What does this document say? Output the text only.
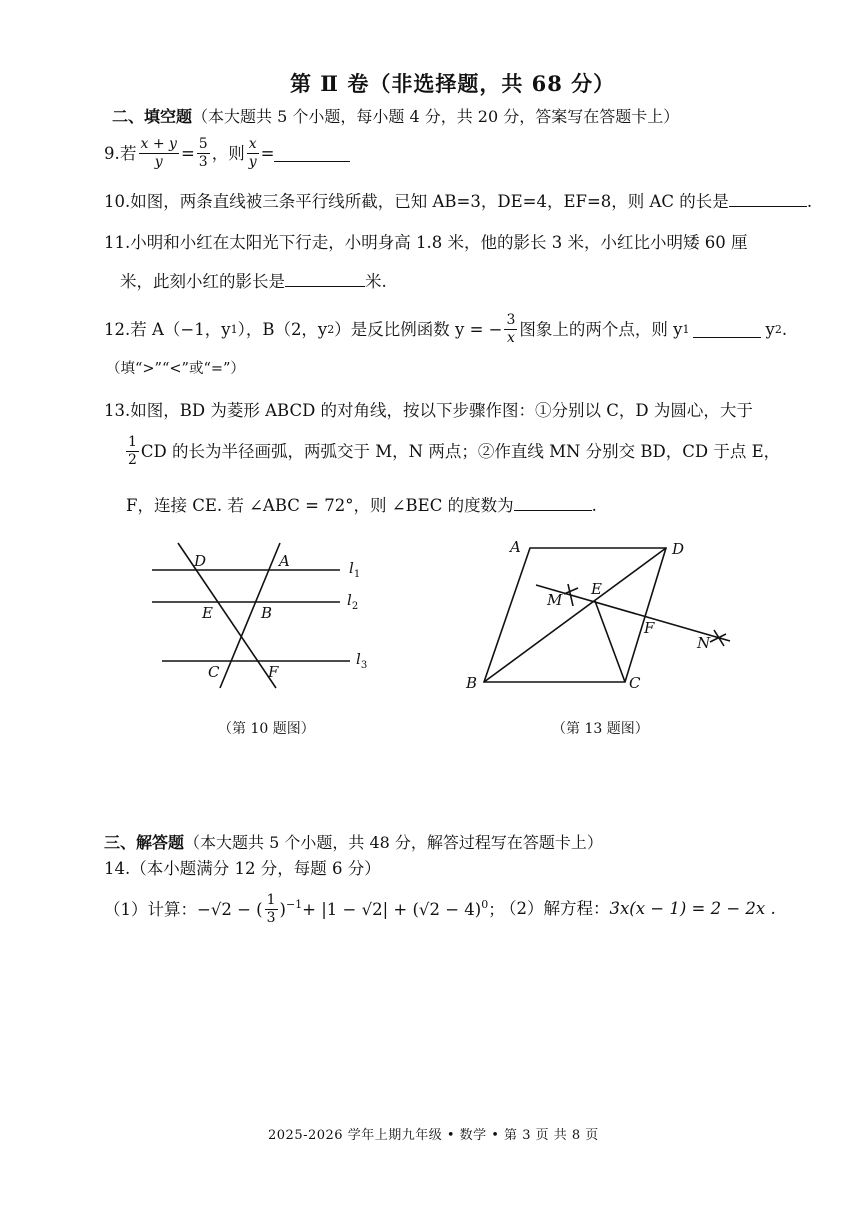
第 Ⅱ 卷（非选择题，共 68 分）
二、填空题（本大题共 5 个小题，每小题 4 分，共 20 分，答案写在答题卡上）
9. 若 $\frac{x + y}{y} = \frac{5}{3}$ ，则 $\frac{x}{y}$ =
10.如图，两条直线被三条平行线所截，已知 AB=3，DE=4，EF=8，则 AC 的长是	.
11.小明和小红在太阳光下行走，小明身高 1.8 米，他的影长 3 米，小红比小明矮 60 厘
米，此刻小红的影长是	米.
12. 若 A（−1，y 1 ），B（2，y 2 ）是反比例函数 y = − $\frac{3}{x}$ 图象上的两个点，则 y 1	y 2 .
（填“>”“<”或“=”）
13.如图，BD 为菱形 ABCD 的对角线，按以下步骤作图：①分别以 C，D 为圆心，大于
$\frac{1}{2}$ CD 的长为半径画弧，两弧交于 M，N 两点；②作直线 MN 分别交 BD，CD 于点 E，
F，连接 CE. 若 ∠ABC = 72°，则 ∠BEC 的度数为	.
D	A
E	B
C	F
$l_1$
$l_2$
$l_3$
（第 10 题图）
A	D
M
E
F
N
B	C
（第 13 题图）
三、解答题（本大题共 5 个小题，共 48 分，解答过程写在答题卡上）
14.（本小题满分 12 分，每题 6 分）
（1）计算： −√2 − ( $\frac{1}{3} )^{-1} + |1 - √2| + (√2 - 4)^0$ ；
（2）解方程：3x(x − 1) = 2 − 2x .
2025-2026 学年上期九年级 • 数学 • 第 3 页 共 8 页
